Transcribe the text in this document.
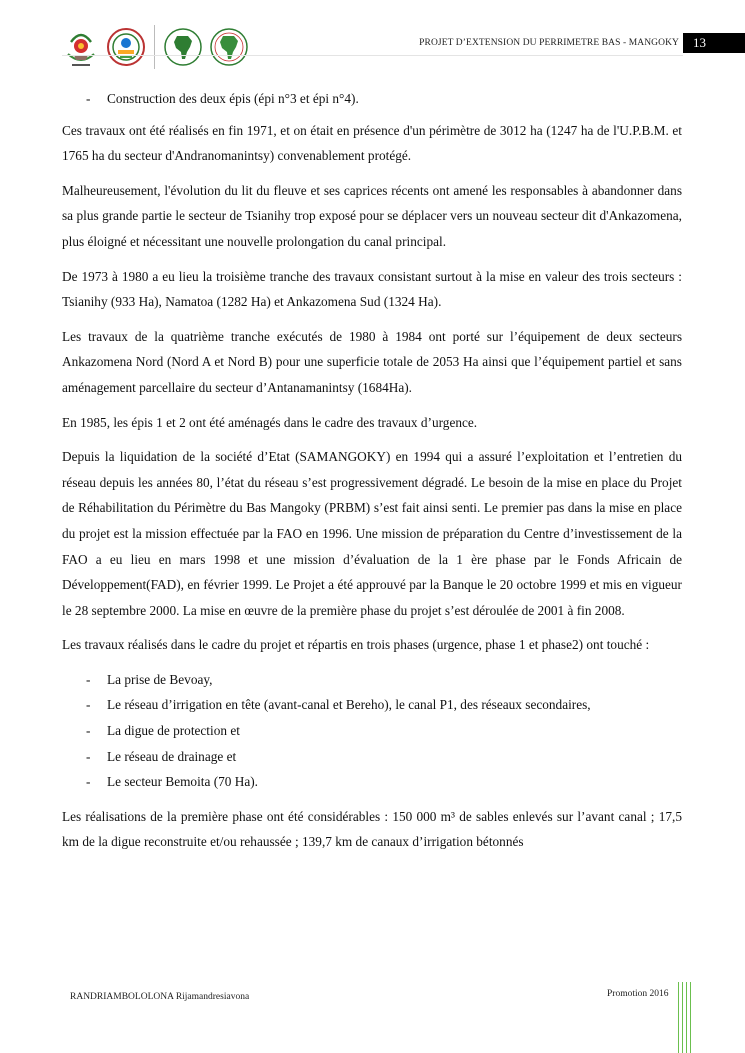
PROJET D’EXTENSION DU PERRIMETRE BAS - MANGOKY	13
- Construction des deux épis (épi n°3 et épi n°4).

Ces travaux ont été réalisés en fin 1971, et on était en présence d'un périmètre de 3012 ha (1247 ha de l'U.P.B.M. et 1765 ha du secteur d'Andranomanintsy) convenablement protégé.

Malheureusement, l'évolution du lit du fleuve et ses caprices récents ont amené les responsables à abandonner dans sa plus grande partie le secteur de Tsianihy trop exposé pour se déplacer vers un nouveau secteur dit d'Ankazomena, plus éloigné et nécessitant une nouvelle prolongation du canal principal.

De 1973 à 1980 a eu lieu la troisième tranche des travaux consistant surtout à la mise en valeur des trois secteurs : Tsianihy (933 Ha), Namatoa (1282 Ha) et Ankazomena Sud (1324 Ha).

Les travaux de la quatrième tranche exécutés de 1980 à 1984 ont porté sur l’équipement de deux secteurs Ankazomena Nord (Nord A et Nord B) pour une superficie totale de 2053 Ha ainsi que l’équipement partiel et sans aménagement parcellaire du secteur d’Antanamanintsy (1684Ha).

En 1985, les épis 1 et 2 ont été aménagés dans le cadre des travaux d’urgence.

Depuis la liquidation de la société d’Etat (SAMANGOKY) en 1994 qui a assuré l’exploitation et l’entretien du réseau depuis les années 80, l’état du réseau s’est progressivement dégradé. Le besoin de la mise en place du Projet de Réhabilitation du Périmètre du Bas Mangoky (PRBM) s’est fait ainsi senti. Le premier pas dans la mise en place du projet est la mission effectuée par la FAO en 1996. Une mission de préparation du Centre d’investissement de la FAO a eu lieu en mars 1998 et une mission d’évaluation de la 1 ère phase par le Fonds Africain de Développement(FAD), en février 1999. Le Projet a été approuvé par la Banque le 20 octobre 1999 et mis en vigueur le 28 septembre 2000. La mise en œuvre de la première phase du projet s’est déroulée de 2001 à fin 2008.

Les travaux réalisés dans le cadre du projet et répartis en trois phases (urgence, phase 1 et phase2) ont touché :

- La prise de Bevoay,
- Le réseau d’irrigation en tête (avant-canal et Bereho), le canal P1, des réseaux secondaires,
- La digue de protection et
- Le réseau de drainage et
- Le secteur Bemoita (70 Ha).

Les réalisations de la première phase ont été considérables : 150 000 m³ de sables enlevés sur l’avant canal ; 17,5 km de la digue reconstruite et/ou rehaussée ; 139,7 km de canaux d’irrigation bétonnés

RANDRIAMBOLOLONA Rijamandresiavona	Promotion 2016
